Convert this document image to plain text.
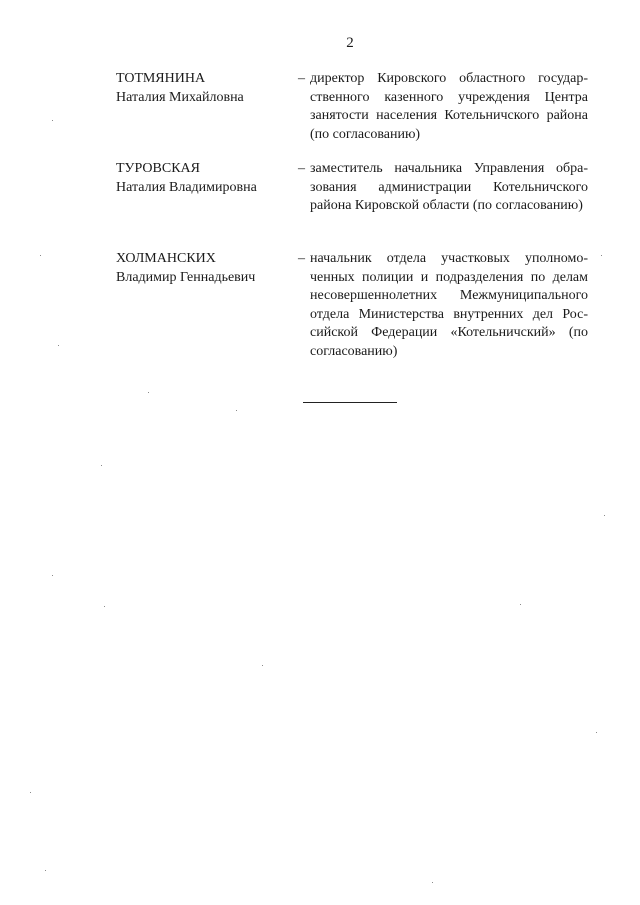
2
ТОТМЯНИНА
Наталия Михайловна
– директор Кировского областного государственного казенного учреждения Центра занятости населения Котельничского района (по согласованию)
ТУРОВСКАЯ
Наталия Владимировна
– заместитель начальника Управления образования администрации Котельничского района Кировской области (по согласованию)
ХОЛМАНСКИХ
Владимир Геннадьевич
– начальник отдела участковых уполномоченных полиции и подразделения по делам несовершеннолетних Межмуниципального отдела Министерства внутренних дел Российской Федерации «Котельничский» (по согласованию)
